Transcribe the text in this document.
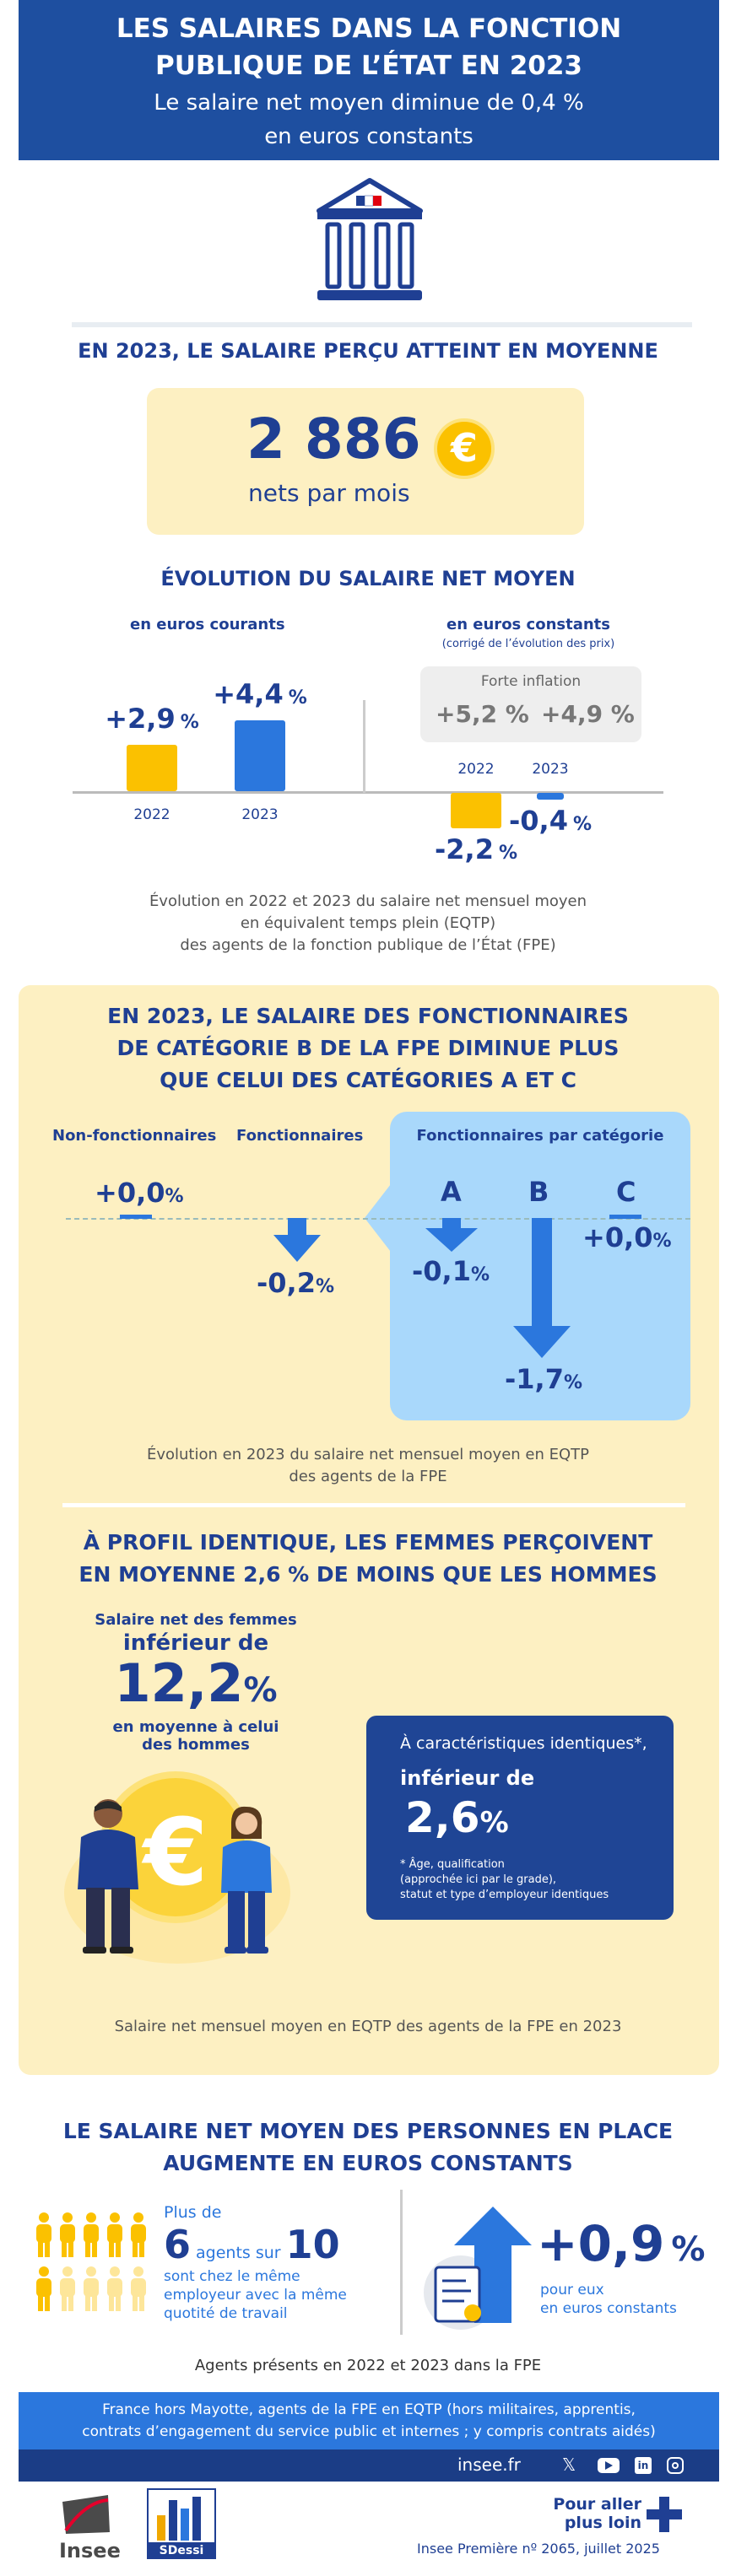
LES SALAIRES DANS LA FONCTION
PUBLIQUE DE L’ÉTAT EN 2023
Le salaire net moyen diminue de 0,4 %
en euros constants
EN 2023, LE SALAIRE PERÇU ATTEINT EN MOYENNE
2 886 €
nets par mois
ÉVOLUTION DU SALAIRE NET MOYEN
en euros courants	en euros constants
(corrigé de l’évolution des prix)
Forte inflation
+5,2 % +4,9 %
+2,9 %
2022
+4,4 %
2023
-2,2 %
2022
-0,4 %
2023
Évolution en 2022 et 2023 du salaire net mensuel moyen
en équivalent temps plein (EQTP)
des agents de la fonction publique de l’État (FPE)
EN 2023, LE SALAIRE DES FONCTIONNAIRES
DE CATÉGORIE B DE LA FPE DIMINUE PLUS
QUE CELUI DES CATÉGORIES A ET C
Non-fonctionnaires Fonctionnaires	Fonctionnaires par catégorie
+0,0%
-0,2%
A B C
-0,1%
-1,7%
+0,0%
Évolution en 2023 du salaire net mensuel moyen en EQTP
des agents de la FPE
À PROFIL IDENTIQUE, LES FEMMES PERÇOIVENT
EN MOYENNE 2,6 % DE MOINS QUE LES HOMMES
Salaire net des femmes
inférieur de
12,2%
en moyenne à celui
des hommes
€
À caractéristiques identiques*,
inférieur de
2,6%
* Âge, qualification
(approchée ici par le grade),
statut et type d’employeur identiques
Salaire net mensuel moyen en EQTP des agents de la FPE en 2023
LE SALAIRE NET MOYEN DES PERSONNES EN PLACE
AUGMENTE EN EUROS CONSTANTS
Plus de
6 agents sur 10
sont chez le même
employeur avec la même
quotité de travail
+0,9 %
pour eux
en euros constants
Agents présents en 2022 et 2023 dans la FPE
France hors Mayotte, agents de la FPE en EQTP (hors militaires, apprentis,
contrats d’engagement du service public et internes ; y compris contrats aidés)
insee.fr 𝕏	in
Insee	SDessi
Pour aller
plus loin
Insee Première nº 2065, juillet 2025
